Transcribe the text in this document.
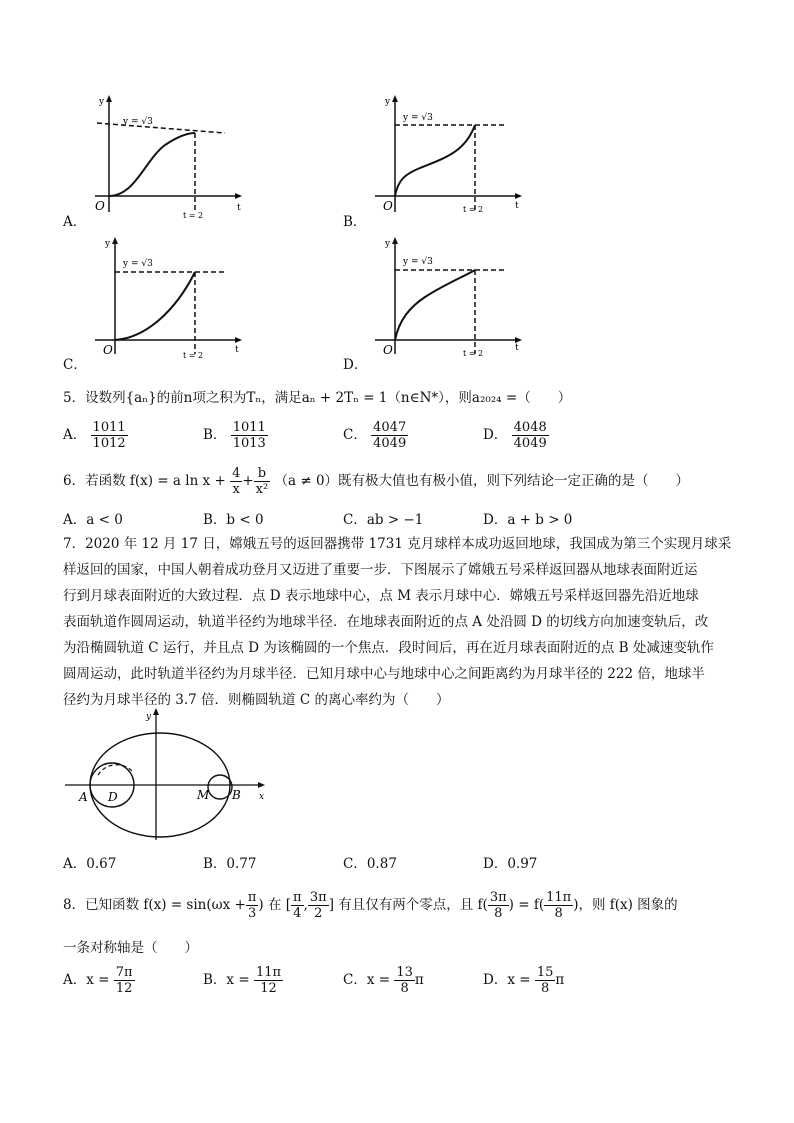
y = √3
O
t = 2
y
t
A．
y = √3
O	t = 2
y
t
B．
y = √3
O	t = 2
y
t
C．
y = √3
O	t = 2
y
t
D．
5．设数列{aₙ}的前n项之积为Tₙ，满足aₙ + 2Tₙ = 1（n∈N*），则a₂₀₂₄ =（　　）
A． $\frac{1011}{1012}$	B． $\frac{1011}{1013}$	C． $\frac{4047}{4049}$	D． $\frac{4048}{4049}$
6．若函数 f(x) = a $\ln x + \frac{4}{x} + \frac{b}{\text{x²}} (a \ne 0)$既有极大值也有极小值，则下列结论一定正确的是（　　）
A．a < 0	B．b < 0	C．ab > −1	D．a + b > 0
7．2020 年 12 月 17 日，嫦娥五号的返回器携带 1731 克月球样本成功返回地球，我国成为第三个实现月球采
样返回的国家，中国人朝着成功登月又迈进了重要一步．下图展示了嫦娥五号采样返回器从地球表面附近运
行到月球表面附近的大致过程．点 D 表示地球中心，点 M 表示月球中心．嫦娥五号采样返回器先沿近地球
表面轨道作圆周运动，轨道半径约为地球半径．在地球表面附近的点 A 处沿圆 D 的切线方向加速变轨后，改
为沿椭圆轨道 C 运行，并且点 D 为该椭圆的一个焦点．段时间后，再在近月球表面附近的点 B 处减速变轨作
圆周运动，此时轨道半径约为月球半径．已知月球中心与地球中心之间距离约为月球半径的 222 倍，地球半
径约为月球半径的 3.7 倍．则椭圆轨道 C 的离心率约为（　　）
A D	M B x
y
A．0.67	B．0.77	C．0.87	D．0.97
8．已知函数 $f(x) = \sin(\omega x + \frac{\pi}{3}$ ) 在 [ $\frac{\pi}{4}$ , $\frac{3\pi}{2}$ ] 有且仅有两个零点，且 $f( \frac{3\pi}{8}$ ) = $f( \frac{11\pi}{8}$ )，则 f(x) 图象的
一条对称轴是（　　）
A．$x = \frac{7\pi}{12}$	B．$x = \frac{11\pi}{12}$	C．$x = \frac{13}{8}$ π	D．$x = \frac{15}{8}$ π
